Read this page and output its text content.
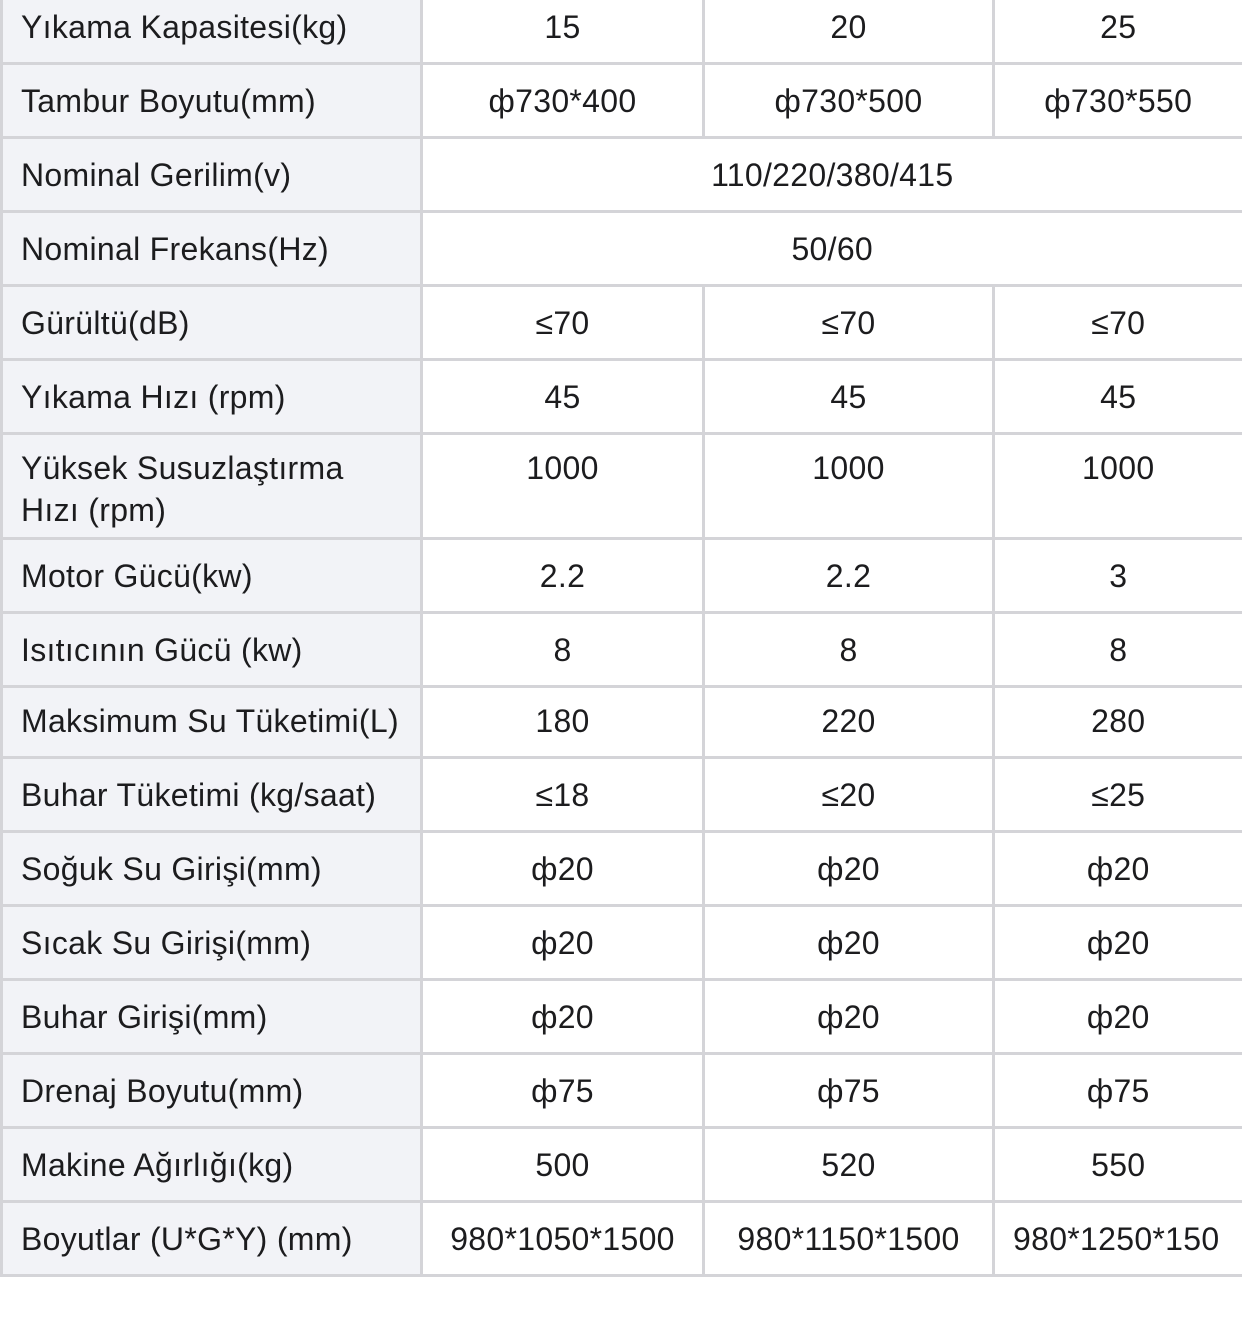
Yıkama Kapasitesi(kg)	15	20	25
Tambur Boyutu(mm)	ф730*400	ф730*500	ф730*550
Nominal Gerilim(v)	110/220/380/415		
Nominal Frekans(Hz)	50/60		
Gürültü(dB)	≤70	≤70	≤70
Yıkama Hızı (rpm)	45	45	45
Yüksek Susuzlaştırma Hızı (rpm)	1000	1000	1000
Motor Gücü(kw)	2.2	2.2	3
Isıtıcının Gücü (kw)	8	8	8
Maksimum Su Tüketimi(L)	180	220	280
Buhar Tüketimi (kg/saat)	≤18	≤20	≤25
Soğuk Su Girişi(mm)	ф20	ф20	ф20
Sıcak Su Girişi(mm)	ф20	ф20	ф20
Buhar Girişi(mm)	ф20	ф20	ф20
Drenaj Boyutu(mm)	ф75	ф75	ф75
Makine Ağırlığı(kg)	500	520	550
Boyutlar (U*G*Y) (mm)	980*1050*1500	980*1150*1500	980*1250*150
